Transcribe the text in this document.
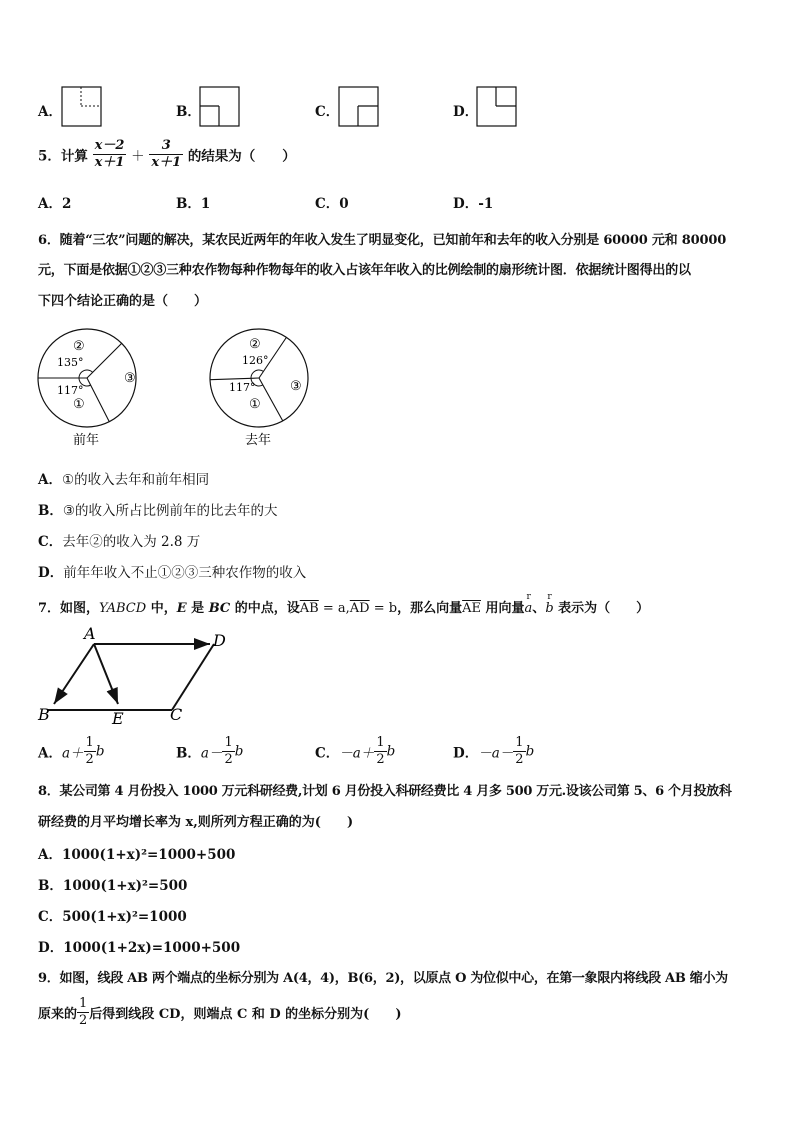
A．	B．	C．	D．
5．计算 $\frac{x-2}{x+1} + \frac{3}{x+1}$ 的结果为（　　）
A．2	B．1	C．0	D．-1
6．随着“三农”问题的解决，某农民近两年的年收入发生了明显变化，已知前年和去年的收入分别是 60000 元和 80000
元，下面是依据①②③三种农作物每种作物每年的收入占该年年收入的比例绘制的扇形统计图．依据统计图得出的以
下四个结论正确的是（　　）
①
②
③
117°
135°
前年
①
②
③
117°
126°
去年
A．①的收入去年和前年相同
B．③的收入所占比例前年的比去年的大
C．去年②的收入为 2.8 万
D．前年年收入不止①②③三种农作物的收入
7．如图，YABCD 中，E 是 BC 的中点，设$\overline{AB} = a,\overline{AD} = b$，那么向量$\overline{AE}$ 用向量r a、r b 表示为（　　）
A	D
B	E	C
A．$a+ \frac{1}{2}$ b	B．$a- \frac{1}{2}$ b	C．$-a+ \frac{1}{2}$ b	D．$-a- \frac{1}{2}$ b
8．某公司第 4 月份投入 1000 万元科研经费,计划 6 月份投入科研经费比 4 月多 500 万元.设该公司第 5、6 个月投放科
研经费的月平均增长率为 x,则所列方程正确的为(　　)
A．1000(1+x)²=1000+500
B．1000(1+x)²=500
C．500(1+x)²=1000
D．1000(1+2x)=1000+500
9．如图，线段 AB 两个端点的坐标分别为 A(4，4)，B(6，2)，以原点 O 为位似中心，在第一象限内将线段 AB 缩小为
原来的 $\frac{1}{2}$ 后得到线段 CD，则端点 C 和 D 的坐标分别为(　　)
